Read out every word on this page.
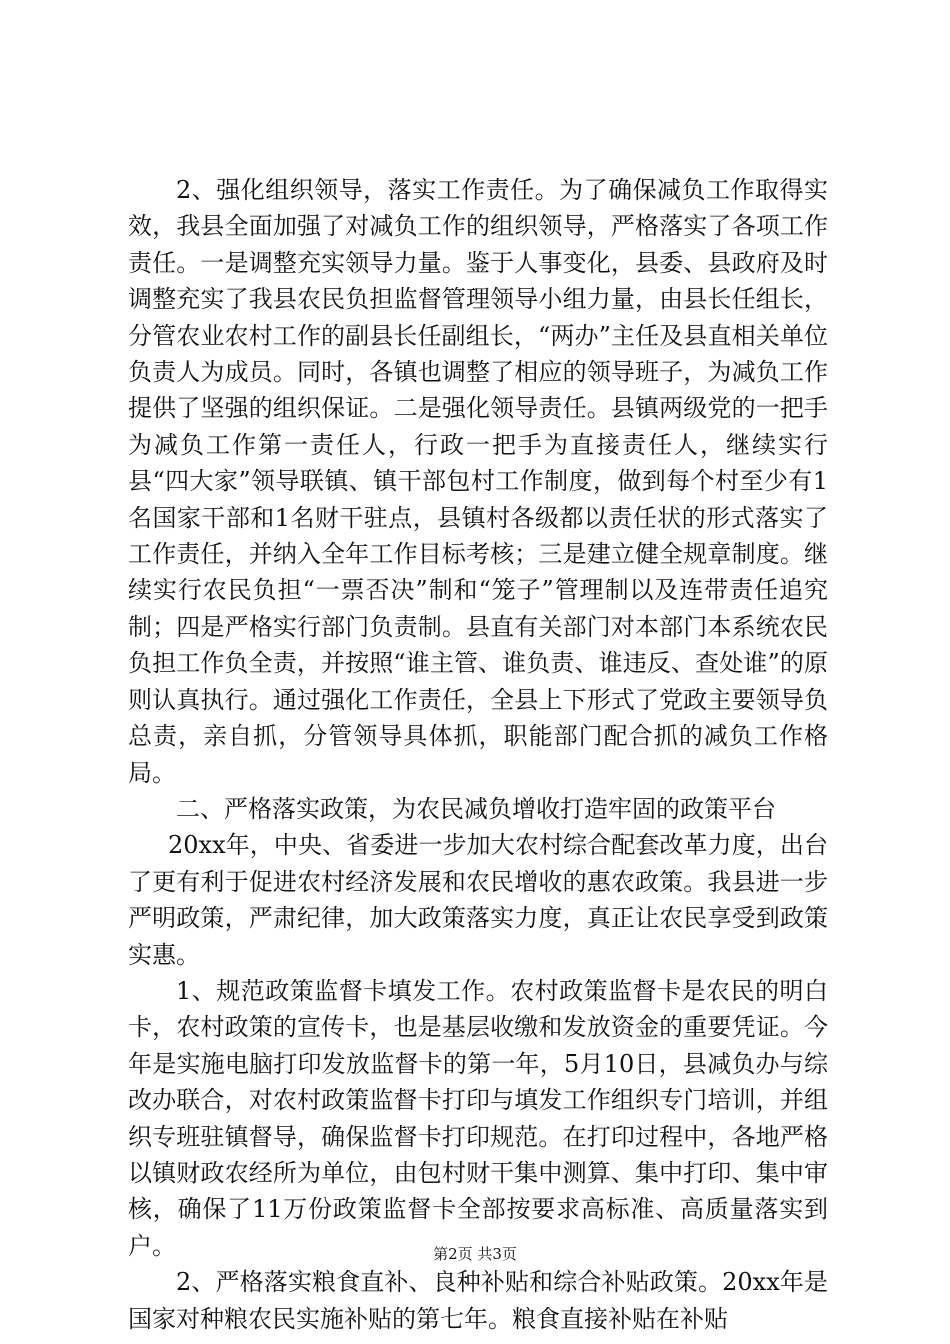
2、强化组织领导，落实工作责任。为了确保减负工作取得实效，我县全面加强了对减负工作的组织领导，严格落实了各项工作责任。一是调整充实领导力量。鉴于人事变化，县委、县政府及时调整充实了我县农民负担监督管理领导小组力量，由县长任组长，分管农业农村工作的副县长任副组长，“两办”主任及县直相关单位负责人为成员。同时，各镇也调整了相应的领导班子，为减负工作提供了坚强的组织保证。二是强化领导责任。县镇两级党的一把手为减负工作第一责任人，行政一把手为直接责任人，继续实行县“四大家”领导联镇、镇干部包村工作制度，做到每个村至少有1名国家干部和1名财干驻点，县镇村各级都以责任状的形式落实了工作责任，并纳入全年工作目标考核；三是建立健全规章制度。继续实行农民负担“一票否决”制和“笼子”管理制以及连带责任追究制；四是严格实行部门负责制。县直有关部门对本部门本系统农民负担工作负全责，并按照“谁主管、谁负责、谁违反、查处谁”的原则认真执行。通过强化工作责任，全县上下形式了党政主要领导负总责，亲自抓，分管领导具体抓，职能部门配合抓的减负工作格局。

二、严格落实政策，为农民减负增收打造牢固的政策平台

20xx年，中央、省委进一步加大农村综合配套改革力度，出台了更有利于促进农村经济发展和农民增收的惠农政策。我县进一步严明政策，严肃纪律，加大政策落实力度，真正让农民享受到政策实惠。

1、规范政策监督卡填发工作。农村政策监督卡是农民的明白卡，农村政策的宣传卡，也是基层收缴和发放资金的重要凭证。今年是实施电脑打印发放监督卡的第一年，5月10日，县减负办与综改办联合，对农村政策监督卡打印与填发工作组织专门培训，并组织专班驻镇督导，确保监督卡打印规范。在打印过程中，各地严格以镇财政农经所为单位，由包村财干集中测算、集中打印、集中审核，确保了11万份政策监督卡全部按要求高标准、高质量落实到户。

2、严格落实粮食直补、良种补贴和综合补贴政策。20xx年是国家对种粮农民实施补贴的第七年。粮食直接补贴在补贴

第2页 共3页
